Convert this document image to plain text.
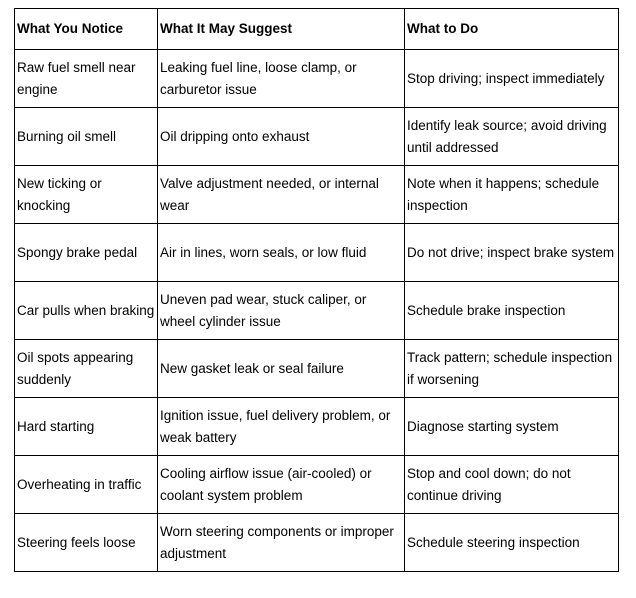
What You Notice	What It May Suggest	What to Do
Raw fuel smell near engine	Leaking fuel line, loose clamp, or carburetor issue	Stop driving; inspect immediately
Burning oil smell	Oil dripping onto exhaust	Identify leak source; avoid driving until addressed
New ticking or knocking	Valve adjustment needed, or internal wear	Note when it happens; schedule inspection
Spongy brake pedal	Air in lines, worn seals, or low fluid	Do not drive; inspect brake system
Car pulls when braking	Uneven pad wear, stuck caliper, or wheel cylinder issue	Schedule brake inspection
Oil spots appearing suddenly	New gasket leak or seal failure	Track pattern; schedule inspection if worsening
Hard starting	Ignition issue, fuel delivery problem, or weak battery	Diagnose starting system
Overheating in traffic	Cooling airflow issue (air-cooled) or coolant system problem	Stop and cool down; do not continue driving
Steering feels loose	Worn steering components or improper adjustment	Schedule steering inspection
